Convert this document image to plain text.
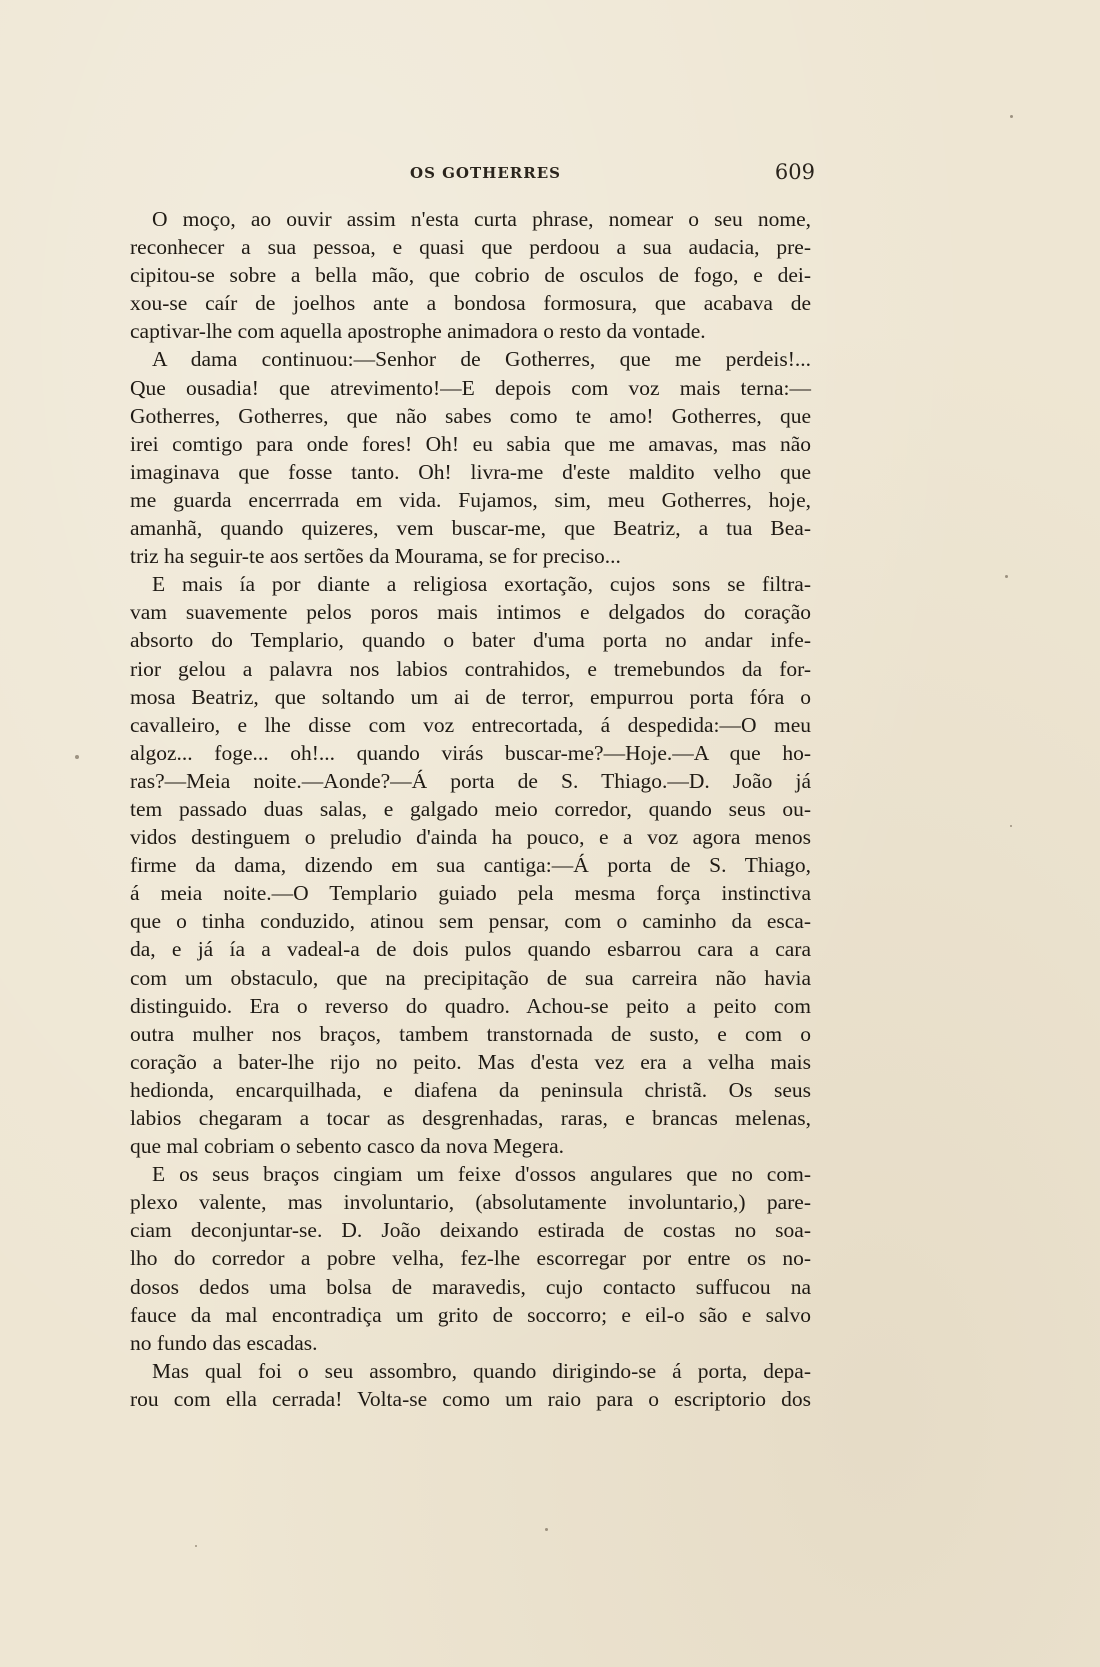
OS GOTHERRES	609
O moço, ao ouvir assim n'esta curta phrase, nomear o seu nome,
reconhecer a sua pessoa, e quasi que perdoou a sua audacia, pre-
cipitou-se sobre a bella mão, que cobrio de osculos de fogo, e dei-
xou-se caír de joelhos ante a bondosa formosura, que acabava de
captivar-lhe com aquella apostrophe animadora o resto da vontade.
A dama continuou:—Senhor de Gotherres, que me perdeis!...
Que ousadia! que atrevimento!—E depois com voz mais terna:—
Gotherres, Gotherres, que não sabes como te amo! Gotherres, que
irei comtigo para onde fores! Oh! eu sabia que me amavas, mas não
imaginava que fosse tanto. Oh! livra-me d'este maldito velho que
me guarda encerrrada em vida. Fujamos, sim, meu Gotherres, hoje,
amanhã, quando quizeres, vem buscar-me, que Beatriz, a tua Bea-
triz ha seguir-te aos sertões da Mourama, se for preciso...
E mais ía por diante a religiosa exortação, cujos sons se filtra-
vam suavemente pelos poros mais intimos e delgados do coração
absorto do Templario, quando o bater d'uma porta no andar infe-
rior gelou a palavra nos labios contrahidos, e tremebundos da for-
mosa Beatriz, que soltando um ai de terror, empurrou porta fóra o
cavalleiro, e lhe disse com voz entrecortada, á despedida:—O meu
algoz... foge... oh!... quando virás buscar-me?—Hoje.—A que ho-
ras?—Meia noite.—Aonde?—Á porta de S. Thiago.—D. João já
tem passado duas salas, e galgado meio corredor, quando seus ou-
vidos destinguem o preludio d'ainda ha pouco, e a voz agora menos
firme da dama, dizendo em sua cantiga:—Á porta de S. Thiago,
á meia noite.—O Templario guiado pela mesma força instinctiva
que o tinha conduzido, atinou sem pensar, com o caminho da esca-
da, e já ía a vadeal-a de dois pulos quando esbarrou cara a cara
com um obstaculo, que na precipitação de sua carreira não havia
distinguido. Era o reverso do quadro. Achou-se peito a peito com
outra mulher nos braços, tambem transtornada de susto, e com o
coração a bater-lhe rijo no peito. Mas d'esta vez era a velha mais
hedionda, encarquilhada, e diafena da peninsula christã. Os seus
labios chegaram a tocar as desgrenhadas, raras, e brancas melenas,
que mal cobriam o sebento casco da nova Megera.
E os seus braços cingiam um feixe d'ossos angulares que no com-
plexo valente, mas involuntario, (absolutamente involuntario,) pare-
ciam deconjuntar-se. D. João deixando estirada de costas no soa-
lho do corredor a pobre velha, fez-lhe escorregar por entre os no-
dosos dedos uma bolsa de maravedis, cujo contacto suffucou na
fauce da mal encontradiça um grito de soccorro; e eil-o são e salvo
no fundo das escadas.
Mas qual foi o seu assombro, quando dirigindo-se á porta, depa-
rou com ella cerrada! Volta-se como um raio para o escriptorio dos
